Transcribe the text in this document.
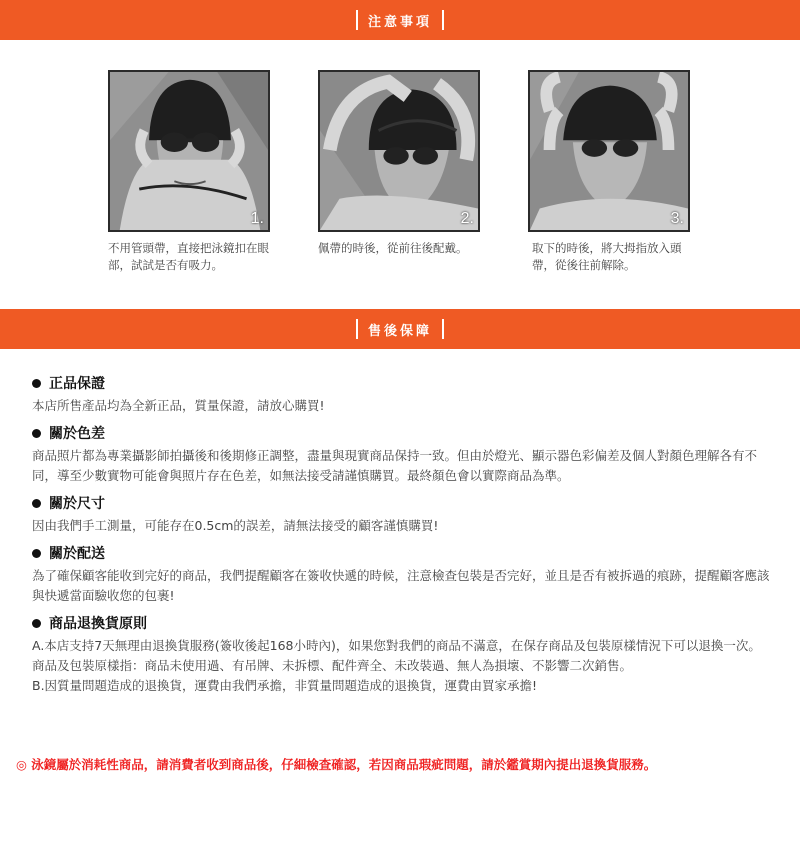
注意事項
1.	2.	3.
不用管頭帶，直接把泳鏡扣在眼部，試試是否有吸力。
佩帶的時後，從前往後配戴。	取下的時後，將大拇指放入頭帶，從後往前解除。
售後保障
正品保證
本店所售產品均為全新正品，質量保證，請放心購買!
關於色差
商品照片都為專業攝影師拍攝後和後期修正調整，盡量與現實商品保持一致。但由於燈光、顯示器色彩偏差及個人對顏色理解各有不同，導至少數實物可能會與照片存在色差，如無法接受請謹慎購買。最終顏色會以實際商品為準。
關於尺寸
因由我們手工測量，可能存在0.5cm的誤差，請無法接受的顧客謹慎購買!
關於配送
為了確保顧客能收到完好的商品，我們提醒顧客在簽收快遞的時候，注意檢查包裝是否完好，並且是否有被拆過的痕跡，提醒顧客應該與快遞當面驗收您的包裹!
商品退換貨原則
A.本店支持7天無理由退換貨服務(簽收後起168小時內)，如果您對我們的商品不滿意，在保存商品及包裝原樣情況下可以退換一次。商品及包裝原樣指：商品未使用過、有吊牌、未拆標、配件齊全、未改裝過、無人為損壞、不影響二次銷售。
B.因質量問題造成的退換貨，運費由我們承擔，非質量問題造成的退換貨，運費由買家承擔!
◎ 泳鏡屬於消耗性商品，請消費者收到商品後，仔細檢查確認，若因商品瑕疵問題，請於鑑賞期內提出退換貨服務。
